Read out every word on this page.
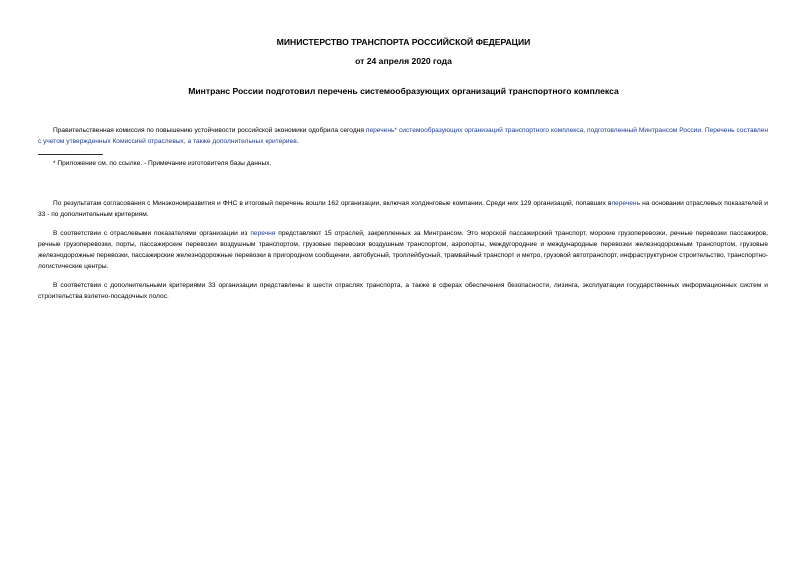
МИНИСТЕРСТВО ТРАНСПОРТА РОССИЙСКОЙ ФЕДЕРАЦИИ
от 24 апреля 2020 года
Минтранс России подготовил перечень системообразующих организаций транспортного комплекса

Правительственная комиссия по повышению устойчивости российской экономики одобрила сегодня перечень* системообразующих организаций транспортного комплекса, подготовленный Минтрансом России. Перечень составлен с учетом утвержденных Комиссией отраслевых, а также дополнительных критериев.

* Приложение см. по ссылке. - Примечание изготовителя базы данных.

По результатам согласования с Минэкономразвития и ФНС в итоговый перечень вошли 162 организации, включая холдинговые компании. Среди них 129 организаций, попавших вперечень на основании отраслевых показателей и 33 - по дополнительным критериям.

В соответствии с отраслевыми показателями организации из перечня представляют 15 отраслей, закрепленных за Минтрансом. Это морской пассажирский транспорт, морские грузоперевозки, речные перевозки пассажиров, речные грузоперевозки, порты, пассажирские перевозки воздушным транспортом, грузовые перевозки воздушным транспортом, аэропорты, междугородние и международные перевозки железнодорожным транспортом, грузовые железнодорожные перевозки, пассажирские железнодорожные перевозки в пригородном сообщении, автобусный, троллейбусный, трамвайный транспорт и метро, грузовой автотранспорт, инфраструктурное строительство, транспортно-логистические центры.

В соответствии с дополнительными критериями 33 организации представлены в шести отраслях транспорта, а также в сферах обеспечения безопасности, лизинга, эксплуатации государственных информационных систем и строительства взлетно-посадочных полос.
